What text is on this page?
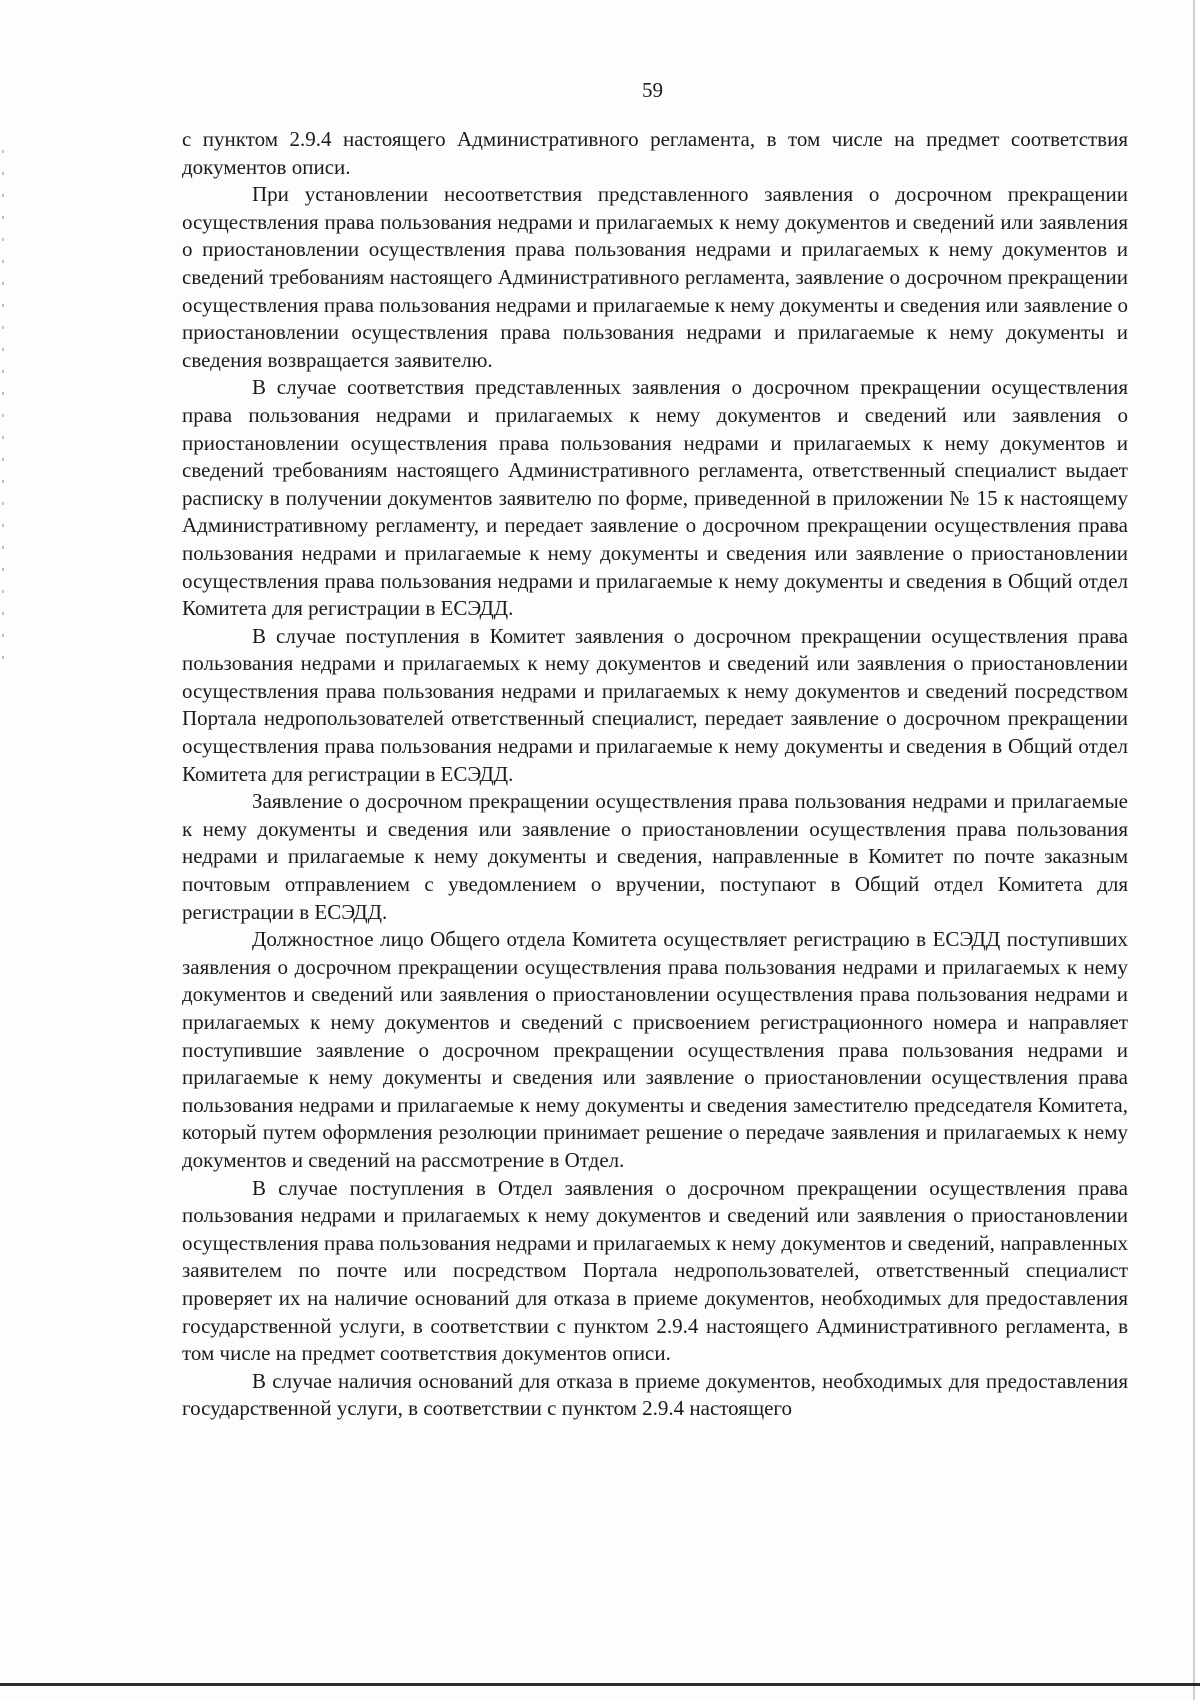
59

с пунктом 2.9.4 настоящего Административного регламента, в том числе на предмет соответствия документов описи.

При установлении несоответствия представленного заявления о досрочном прекращении осуществления права пользования недрами и прилагаемых к нему документов и сведений или заявления о приостановлении осуществления права пользования недрами и прилагаемых к нему документов и сведений требованиям настоящего Административного регламента, заявление о досрочном прекращении осуществления права пользования недрами и прилагаемые к нему документы и сведения или заявление о приостановлении осуществления права пользования недрами и прилагаемые к нему документы и сведения возвращается заявителю.

В случае соответствия представленных заявления о досрочном прекращении осуществления права пользования недрами и прилагаемых к нему документов и сведений или заявления о приостановлении осуществления права пользования недрами и прилагаемых к нему документов и сведений требованиям настоящего Административного регламента, ответственный специалист выдает расписку в получении документов заявителю по форме, приведенной в приложении № 15 к настоящему Административному регламенту, и передает заявление о досрочном прекращении осуществления права пользования недрами и прилагаемые к нему документы и сведения или заявление о приостановлении осуществления права пользования недрами и прилагаемые к нему документы и сведения в Общий отдел Комитета для регистрации в ЕСЭДД.

В случае поступления в Комитет заявления о досрочном прекращении осуществления права пользования недрами и прилагаемых к нему документов и сведений или заявления о приостановлении осуществления права пользования недрами и прилагаемых к нему документов и сведений посредством Портала недропользователей ответственный специалист, передает заявление о досрочном прекращении осуществления права пользования недрами и прилагаемые к нему документы и сведения в Общий отдел Комитета для регистрации в ЕСЭДД.

Заявление о досрочном прекращении осуществления права пользования недрами и прилагаемые к нему документы и сведения или заявление о приостановлении осуществления права пользования недрами и прилагаемые к нему документы и сведения, направленные в Комитет по почте заказным почтовым отправлением с уведомлением о вручении, поступают в Общий отдел Комитета для регистрации в ЕСЭДД.

Должностное лицо Общего отдела Комитета осуществляет регистрацию в ЕСЭДД поступивших заявления о досрочном прекращении осуществления права пользования недрами и прилагаемых к нему документов и сведений или заявления о приостановлении осуществления права пользования недрами и прилагаемых к нему документов и сведений с присвоением регистрационного номера и направляет поступившие заявление о досрочном прекращении осуществления права пользования недрами и прилагаемые к нему документы и сведения или заявление о приостановлении осуществления права пользования недрами и прилагаемые к нему документы и сведения заместителю председателя Комитета, который путем оформления резолюции принимает решение о передаче заявления и прилагаемых к нему документов и сведений на рассмотрение в Отдел.

В случае поступления в Отдел заявления о досрочном прекращении осуществления права пользования недрами и прилагаемых к нему документов и сведений или заявления о приостановлении осуществления права пользования недрами и прилагаемых к нему документов и сведений, направленных заявителем по почте или посредством Портала недропользователей, ответственный специалист проверяет их на наличие оснований для отказа в приеме документов, необходимых для предоставления государственной услуги, в соответствии с пунктом 2.9.4 настоящего Административного регламента, в том числе на предмет соответствия документов описи.

В случае наличия оснований для отказа в приеме документов, необходимых для предоставления государственной услуги, в соответствии с пунктом 2.9.4 настоящего
